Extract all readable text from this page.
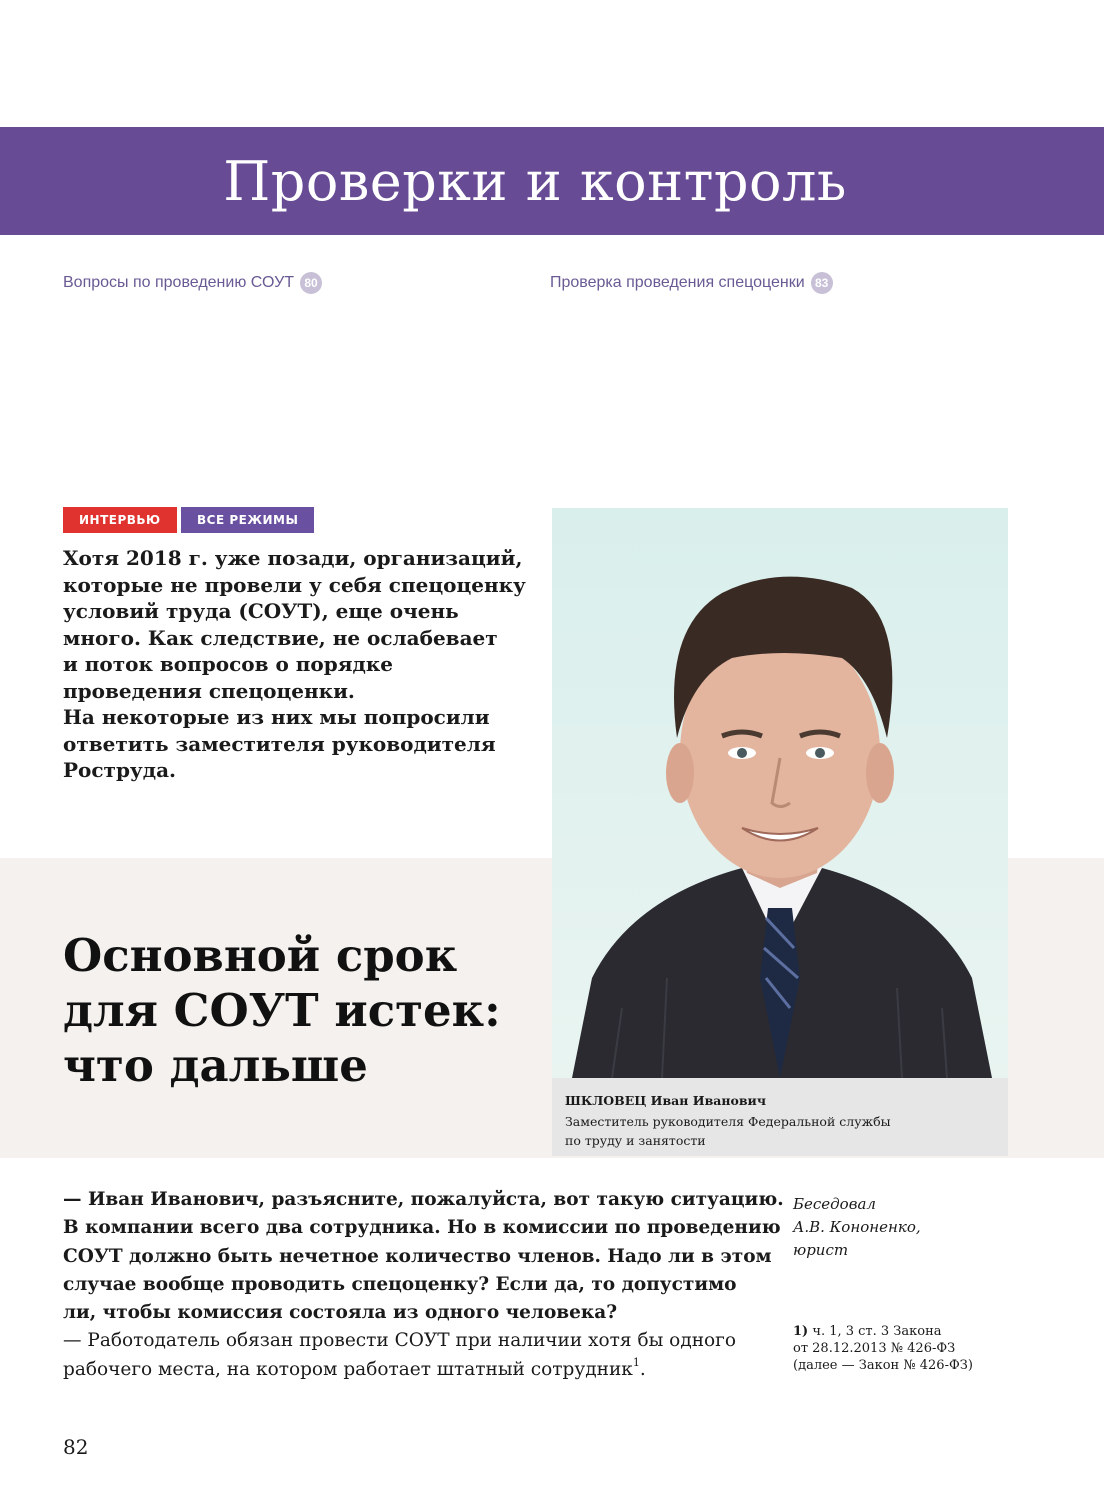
Проверки и контроль
Вопросы по проведению СОУТ 80	Проверка проведения спецоценки 83
ИНТЕРВЬЮ	ВСЕ РЕЖИМЫ

Хотя 2018 г. уже позади, организаций,
которые не провели у себя спецоценку
условий труда (СОУТ), еще очень
много. Как следствие, не ослабевает
и поток вопросов о порядке
проведения спецоценки.
На некоторые из них мы попросили
ответить заместителя руководителя
Роструда.

Основной срок
для СОУТ истек:
что дальше
ШКЛОВЕЦ Иван Иванович
Заместитель руководителя Федеральной службы
по труду и занятости
— Иван Иванович, разъясните, пожалуйста, вот такую ситуацию.
В компании всего два сотрудника. Но в комиссии по проведению
СОУТ должно быть нечетное количество членов. Надо ли в этом
случае вообще проводить спецоценку? Если да, то допустимо
ли, чтобы комиссия состояла из одного человека?
— Работодатель обязан провести СОУТ при наличии хотя бы одного
рабочего места, на котором работает штатный сотрудник$^1$.
Беседовал
А.В. Кононенко,
юрист
1) ч. 1, 3 ст. 3 Закона
от 28.12.2013 № 426-ФЗ
(далее — Закон № 426-ФЗ)
82
